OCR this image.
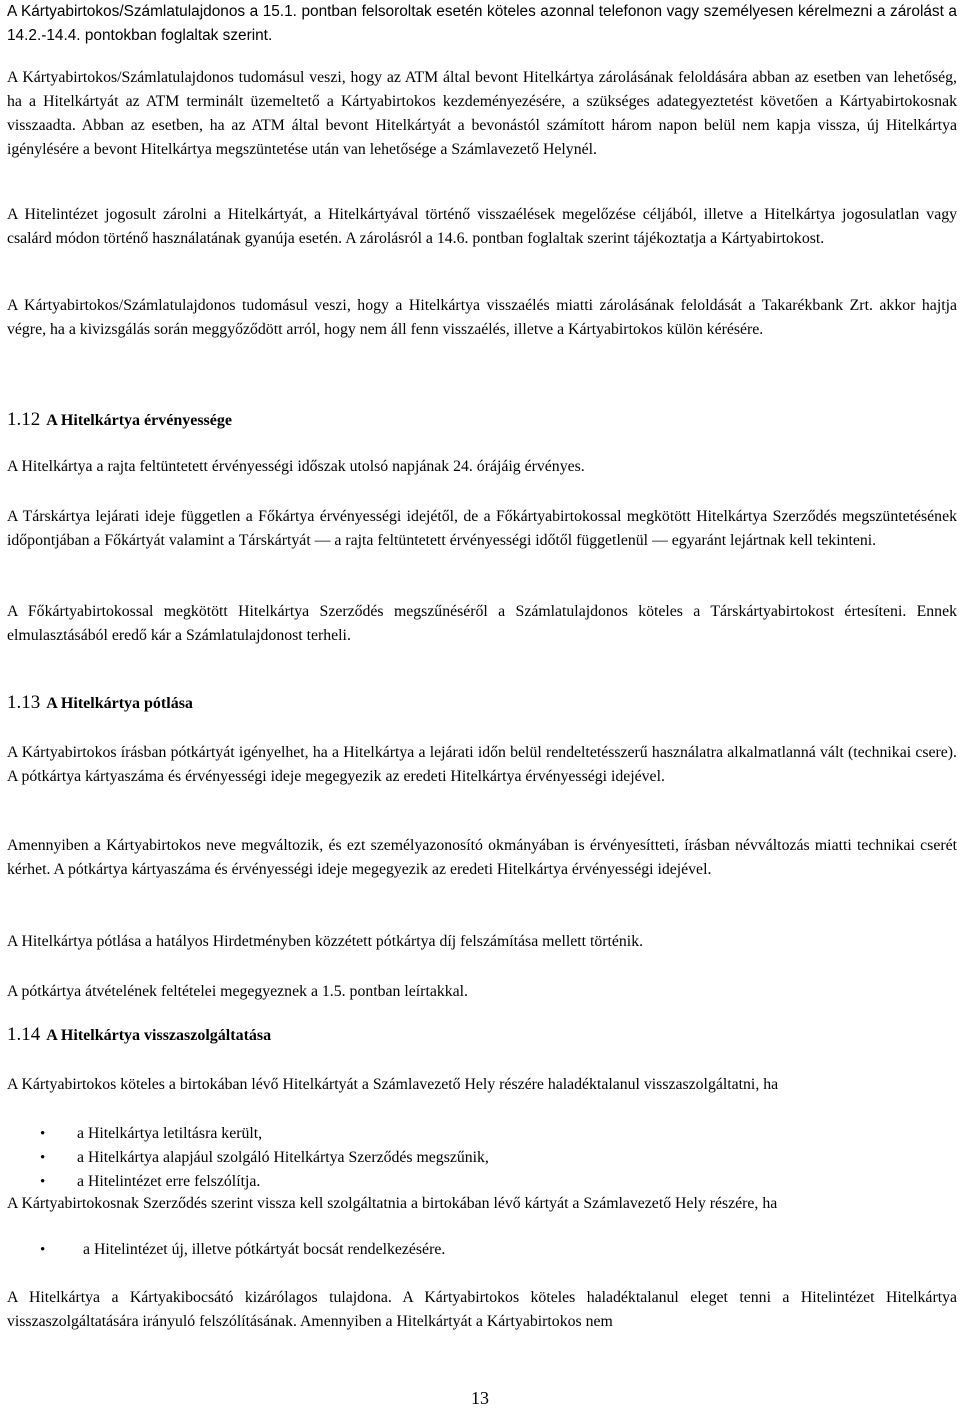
A Kártyabirtokos/Számlatulajdonos a 15.1. pontban felsoroltak esetén köteles azonnal telefonon vagy személyesen kérelmezni a zárolást a 14.2.-14.4. pontokban foglaltak szerint.

A Kártyabirtokos/Számlatulajdonos tudomásul veszi, hogy az ATM által bevont Hitelkártya zárolásának feloldására abban az esetben van lehetőség, ha a Hitelkártyát az ATM terminált üzemeltető a Kártyabirtokos kezdeményezésére, a szükséges adategyeztetést követően a Kártyabirtokosnak visszaadta. Abban az esetben, ha az ATM által bevont Hitelkártyát a bevonástól számított három napon belül nem kapja vissza, új Hitelkártya igénylésére a bevont Hitelkártya megszüntetése után van lehetősége a Számlavezető Helynél.

A Hitelintézet jogosult zárolni a Hitelkártyát, a Hitelkártyával történő visszaélések megelőzése céljából, illetve a Hitelkártya jogosulatlan vagy csalárd módon történő használatának gyanúja esetén. A zárolásról a 14.6. pontban foglaltak szerint tájékoztatja a Kártyabirtokost.

A Kártyabirtokos/Számlatulajdonos tudomásul veszi, hogy a Hitelkártya visszaélés miatti zárolásának feloldását a Takarékbank Zrt. akkor hajtja végre, ha a kivizsgálás során meggyőződött arról, hogy nem áll fenn visszaélés, illetve a Kártyabirtokos külön kérésére.

1.12 A Hitelkártya érvényessége

A Hitelkártya a rajta feltüntetett érvényességi időszak utolsó napjának 24. órájáig érvényes.

A Társkártya lejárati ideje független a Főkártya érvényességi idejétől, de a Főkártyabirtokossal megkötött Hitelkártya Szerződés megszüntetésének időpontjában a Főkártyát valamint a Társkártyát — a rajta feltüntetett érvényességi időtől függetlenül — egyaránt lejártnak kell tekinteni.

A Főkártyabirtokossal megkötött Hitelkártya Szerződés megszűnéséről a Számlatulajdonos köteles a Társkártyabirtokost értesíteni. Ennek elmulasztásából eredő kár a Számlatulajdonost terheli.

1.13 A Hitelkártya pótlása

A Kártyabirtokos írásban pótkártyát igényelhet, ha a Hitelkártya a lejárati időn belül rendeltetésszerű használatra alkalmatlanná vált (technikai csere). A pótkártya kártyaszáma és érvényességi ideje megegyezik az eredeti Hitelkártya érvényességi idejével.

Amennyiben a Kártyabirtokos neve megváltozik, és ezt személyazonosító okmányában is érvényesítteti, írásban névváltozás miatti technikai cserét kérhet. A pótkártya kártyaszáma és érvényességi ideje megegyezik az eredeti Hitelkártya érvényességi idejével.

A Hitelkártya pótlása a hatályos Hirdetményben közzétett pótkártya díj felszámítása mellett történik.

A pótkártya átvételének feltételei megegyeznek a 1.5. pontban leírtakkal.

1.14 A Hitelkártya visszaszolgáltatása

A Kártyabirtokos köteles a birtokában lévő Hitelkártyát a Számlavezető Hely részére haladéktalanul visszaszolgáltatni, ha

• a Hitelkártya letiltásra került,
• a Hitelkártya alapjául szolgáló Hitelkártya Szerződés megszűnik,
• a Hitelintézet erre felszólítja.

A Kártyabirtokosnak Szerződés szerint vissza kell szolgáltatnia a birtokában lévő kártyát a Számlavezető Hely részére, ha

• a Hitelintézet új, illetve pótkártyát bocsát rendelkezésére.

A Hitelkártya a Kártyakibocsátó kizárólagos tulajdona. A Kártyabirtokos köteles haladéktalanul eleget tenni a Hitelintézet Hitelkártya visszaszolgáltatására irányuló felszólításának. Amennyiben a Hitelkártyát a Kártyabirtokos nem

13
